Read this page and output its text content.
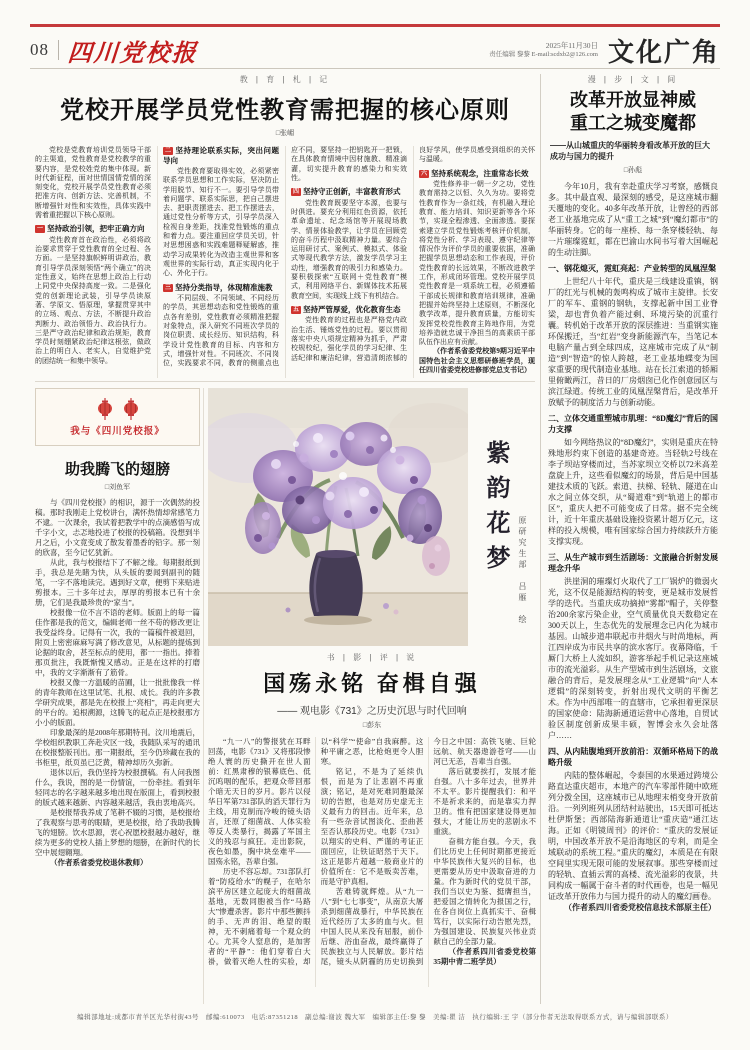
08 四川党校报	2025年11月30日
责任编辑 黎黎 E-mail:scdxb2@126.com 文化广角
教 | 育 | 札 | 记
党校开展学员党性教育需把握的核心原则
□张嵋

党校是党教育培训党员领导干部的主渠道，党性教育是党校教学的重要内容，是党校姓党的集中体现。新时代新征程，面对世情国情党情的深刻变化，党校开展学员党性教育必须把准方向、创新方法、完善机制，不断增强针对性和实效性，具体实践中需着重把握以下核心原则。

一 坚持政治引领，把牢正确方向

党性教育首在政治性，必须将政治要求贯穿于党性教育的全过程、各方面。一是坚持旗帜鲜明讲政治，教育引导学员深刻领悟“两个确立”的决定性意义，始终在思想上政治上行动上同党中央保持高度一致。二是强化党的创新理论武装，引导学员读原著、学原文、悟原理，掌握贯穿其中的立场、观点、方法，不断提升政治判断力、政治领悟力、政治执行力。三是严守政治纪律和政治规矩，教育学员时刻绷紧政治纪律这根弦，做政治上的明白人、老实人，自觉维护党的团结统一和集中领导。

二 坚持理论联系实际，突出问题导向

党性教育要取得实效，必须紧密联系学员思想和工作实际，坚决防止学用脱节、知行不一。要引导学员带着问题学、联系实际思，把自己摆进去、把职责摆进去、把工作摆进去，通过党性分析等方式，引导学员深入检视自身差距，找准党性锻炼的重点和着力点。要注重回应学员关切，针对思想困惑和实践难题释疑解惑，推动学习成果转化为改造主观世界和客观世界的实际行动，真正实现内化于心、外化于行。

三 坚持分类指导，体现精准施教

不同层级、不同领域、不同经历的学员，其思想动态和党性锻炼的重点各有差别，党性教育必须精准把握对象特点，深入研究不同班次学员的岗位职责、成长经历、知识结构，科学设计党性教育的目标、内容和方式，增强针对性。不同班次、不同岗位，实践要求不同，教育的侧重点也应不同，要坚持一把钥匙开一把锁，在具体教育情境中因材施教、精准滴灌，切实提升教育的感染力和实效性。

四 坚持守正创新，丰富教育形式

党性教育既要坚守本源，也要与时俱进。要充分利用红色资源，依托革命遗址、纪念场馆等开展现场教学、情景体验教学，让学员在回顾党的奋斗历程中汲取精神力量。要综合运用研讨式、案例式、模拟式、体验式等现代教学方法，激发学员学习主动性，增强教育的吸引力和感染力。要积极探索“互联网＋党性教育”模式，利用网络平台、新媒体技术拓展教育空间，实现线上线下有机结合。

五 坚持严管厚爱，优化教育生态

党性教育的过程也是严格党内政治生活、锤炼党性的过程。要以贯彻落实中央八项规定精神为抓手，严肃校规校纪，强化学员的学习纪律、生活纪律和廉洁纪律，营造清朗浓郁的良好学风，使学员感受到组织的关怀与温暖。

六 坚持系统观念，注重常态长效

党性修养非一朝一夕之功，党性教育需持之以恒、久久为功。要将党性教育作为一条红线，有机融入理论教育、能力培训、知识更新等各个环节，实现全程渗透、全面渗透。要探索建立学员党性锻炼考核评价机制，将党性分析、学习表现、遵守纪律等情况作为评价学员的重要依据，准确把握学员思想动态和工作表现，评价党性教育的长远效果，不断改进教学工作，形成闭环管理。党校开展学员党性教育是一项系统工程，必须遵循干部成长规律和教育培训规律，准确把握并始终坚持上述原则，不断深化教学改革，提升教育质量，方能切实发挥党校党性教育主阵地作用，为党培养造就忠诚干净担当的高素质干部队伍作出应有贡献。

（作者系省委党校第9期习近平中国特色社会主义思想研修班学员，现任四川省委党校进修部党总支书记）

漫 | 步 | 文 | 间
改革开放显神威
重工之城变魔都
——从山城重庆的华丽转身看改革开放的巨大成功与国力的提升
□孙彪

今年10月，我有幸赴重庆学习考察，感慨良多。其中最直观、最深刻的感受，是这座城市翻天覆地的变化。40多年改革开放，让曾经的西部老工业基地完成了从“重工之城”到“魔幻都市”的华丽转身。它的每一座桥、每一条穿楼轻轨、每一片璀璨霓虹，都在巴渝山水间书写着大国崛起的生动注脚。

一、钢花熄灭，霓虹亮起：产业转型的凤凰涅槃

上世纪八十年代，重庆是三线建设重镇，钢厂的红光与机械的轰鸣构成了城市主旋律。长安厂的军车、重钢的钢轨，支撑起新中国工业脊梁，却也背负着产能过剩、环境污染的沉重行囊。转机始于改革开放的深层推进：当重钢实施环保搬迁，当“红岩”变身新能源汽车，当笔记本电脑产量占到全球四成，这座城市完成了从“制造”到“智造”的惊人跨越，老工业基地蝶变为国家重要的现代制造业基地。站在长江索道的轿厢里俯瞰两江，昔日的厂房烟囱已化作创意园区与滨江绿道。传统工业的凤凰涅槃背后，是改革开放赋予的制度活力与创新动能。

二、立体交通重塑城市肌理：“8D魔幻”背后的国力支撑

如今网络热议的“8D魔幻”，实则是重庆在特殊地形约束下创造的基建奇迹。当轻轨2号线在李子坝站穿楼而过，当苏家坝立交桥以72米高差盘旋上升，这些看似魔幻的场景，背后是中国基建技术质的飞跃。索道、扶梯、轻轨、隧道在山水之间立体交织，从“蜀道难”到“轨道上的都市区”，重庆人把不可能变成了日常。据不完全统计，近十年重庆基础设施投资累计超万亿元，这样的投入规模，唯有国家综合国力持续跃升方能支撑实现。

三、从生产城市到生活剧场：文旅融合折射发展理念升华

洪崖洞的璀璨灯火取代了工厂锅炉的微弱火光，这不仅是能源结构的转变，更是城市发展哲学的迭代。当重庆成功摘掉“雾都”帽子，关停整治200余家污染企业，空气质量优良天数稳定在300天以上，生态优先的发展理念已内化为城市基因。山城步道串联起市井烟火与时尚地标，两江四岸成为市民共享的滨水客厅。夜幕降临，千厮门大桥上人流如织，游客举起手机记录这座城市的流光溢彩。从生产型城市到生活剧场，文旅融合的背后，是发展理念从“工业逻辑”向“人本逻辑”的深刻转变，折射出现代文明的平衡艺术。作为中西部唯一的直辖市，它承担着更深层的国家使命：陆海新通道运营中心落地，自贸试验区制度创新成果丰硕，智博会永久会址落户……

四、从内陆腹地到开放前沿：双循环格局下的战略升级

内陆的整体崛起，令泰国的水果通过跨境公路直达重庆超市，本地产的汽车零部件随中欧班列分拨全国，这座城市已从地理末梢变身开放前沿。一列列班列从团结村站驶出，15天即可抵达杜伊斯堡；西部陆海新通道让“重庆造”通江达海。正如《明镜周刊》的评价：“重庆的发展证明，中国改革开放不是沿海地区的专利，而是全域联动的系统工程。”重庆的魔幻，本质是在有限空间里实现无限可能的发展叙事。那些穿楼而过的轻轨、直插云霄的高楼、流光溢彩的夜景，共同构成一幅属于奋斗者的时代画卷，也是一幅见证改革开放伟力与国力提升的动人的魔幻画卷。

（作者系四川省委党校信息技术部原主任）

我与《四川党校报》
助我腾飞的翅膀
□刘鱼军

与《四川党校报》的相识，源于一次偶然的投稿。那时我刚走上党校讲台，满怀热情却常感笔力不逮。一次课余，我试着把教学中的点滴感悟写成千字小文，忐忑地投进了校报的投稿箱。没想到半月之后，小文竟变成了散发着墨香的铅字。那一刻的欣喜，至今记忆犹新。

从此，我与校报结下了不解之缘。每期报纸到手，我总是先睹为快，从头版的要闻到副刊的随笔，一字不落地读完。遇到好文章，便剪下来贴进剪报本。三十多年过去，厚厚的剪报本已有十余册，它们是我最珍贵的“家当”。

校报像一位不言不语的老师。版面上的每一篇佳作都是我的范文，编辑老师一丝不苟的修改更让我受益终身。记得有一次，我的一篇稿件被退回，附页上密密麻麻写满了修改意见，从标题的提炼到论据的取舍，甚至标点的使用，都一一指出。捧着那页批注，我既惭愧又感动。正是在这样的打磨中，我的文字渐渐有了筋骨。

校报又像一方温暖的苗圃，让一批批像我一样的青年教师在这里试笔、扎根、成长。我的许多教学研究成果，都是先在校报上“亮相”，再走向更大的平台的。追根溯源，这腾飞的起点正是校报那方小小的版面。

印象最深的是2008年那期特刊。汶川地震后，学校组织教职工奔赴灾区一线，我随队采写的通讯在校报整版刊出。那一期报纸，至今仍珍藏在我的书柜里，纸页虽已泛黄，精神却历久弥新。

退休以后，我仍坚持为校报撰稿。有人问我图什么，我说，图的是一份情谊，一份牵挂。看到年轻同志的名字越来越多地出现在版面上，看到校报的版式越来越新、内容越来越活，我由衷地高兴。

是校报帮我养成了笔耕不辍的习惯，是校报给了我观察与思考的眼睛，更是校报，给了我助我腾飞的翅膀。饮水思源，衷心祝愿校报越办越好，继续为更多的党校人插上梦想的翅膀，在新时代的长空中展翅翱翔。

（作者系省委党校退休教师）

紫韵花梦	原研究生部　吕雁　绘
书 | 影 | 评 | 说
国殇永铭 奋楫自强
—— 观电影《731》之历史沉思与时代回响
□彭东

“九一八”的警报犹在耳畔回荡，电影《731》又将那段惨绝人寰的历史撕开在世人面前：红黑肃穆的银幕底色、低沉呜咽的配乐，把观众带回那个暗无天日的岁月。影片以侵华日军第731部队的滔天罪行为主线，用克制而冷峻的镜头语言，还原了细菌战、人体实验等反人类暴行，揭露了军国主义的残忍与疯狂。走出影院，夜色如墨，胸中块垒难平——国殇永铭，吾辈自强。

历史不容忘却。731部队打着“防疫给水”的幌子，在哈尔滨平房区建立起庞大的细菌战基地，无数同胞被当作“马路大”惨遭杀害。影片中那些颤抖的手、无声的泪、绝望的眼神，无不刺痛着每一个观众的心。尤其令人窒息的，是加害者的“平静”：他们穿着白大褂，做着灭绝人性的实验，却以“科学”“使命”自我麻醉。这种平庸之恶，比枪炮更令人胆寒。

铭记，不是为了延续仇恨，而是为了让悲剧不再重演；铭记，是对死难同胞最深切的告慰，也是对历史虚无主义最有力的回击。近年来，总有一些杂音试图淡化、歪曲甚至否认那段历史。电影《731》以翔实的史料、严谨的考证正面回应，让铁证昭然于天下。这正是影片超越一般商业片的价值所在：它不是贩卖苦难，而是守护真相。

苦难铸就辉煌。从“九一八”到“七七事变”，从南京大屠杀到细菌战暴行，中华民族在近代经历了太多的血与火。但中国人民从来没有屈服，前仆后继、浴血奋战，最终赢得了民族独立与人民解放。影片结尾，镜头从阴霾的历史切换到今日之中国：高铁飞驰、巨轮远航、航天器遨游苍穹——山河已无恙，吾辈当自强。

落后就要挨打，发展才能自强。八十多年过去，世界并不太平。影片提醒我们：和平不是祈求来的，而是靠实力捍卫的。惟有把国家建设得更加强大，才能让历史的悲剧永不重演。

奋楫方能自强。今天，我们比历史上任何时期都更接近中华民族伟大复兴的目标，也更需要从历史中汲取奋进的力量。作为新时代的党员干部，我们当以史为鉴、挺膺担当，把爱国之情转化为报国之行，在各自岗位上真抓实干、奋楫笃行，以实际行动告慰先烈，为强国建设、民族复兴伟业贡献自己的全部力量。

（作者系四川省委党校第35期中青二班学员）

编辑部地址:成都市青羊区光华村街43号　邮编:610073　电话:87351218　副总编:谢波 魏大军　编辑部主任:黎 黎　美编:瞿 洁　执行编辑:王 宇（部分作者无法取得联系方式，请与编辑部联系）
